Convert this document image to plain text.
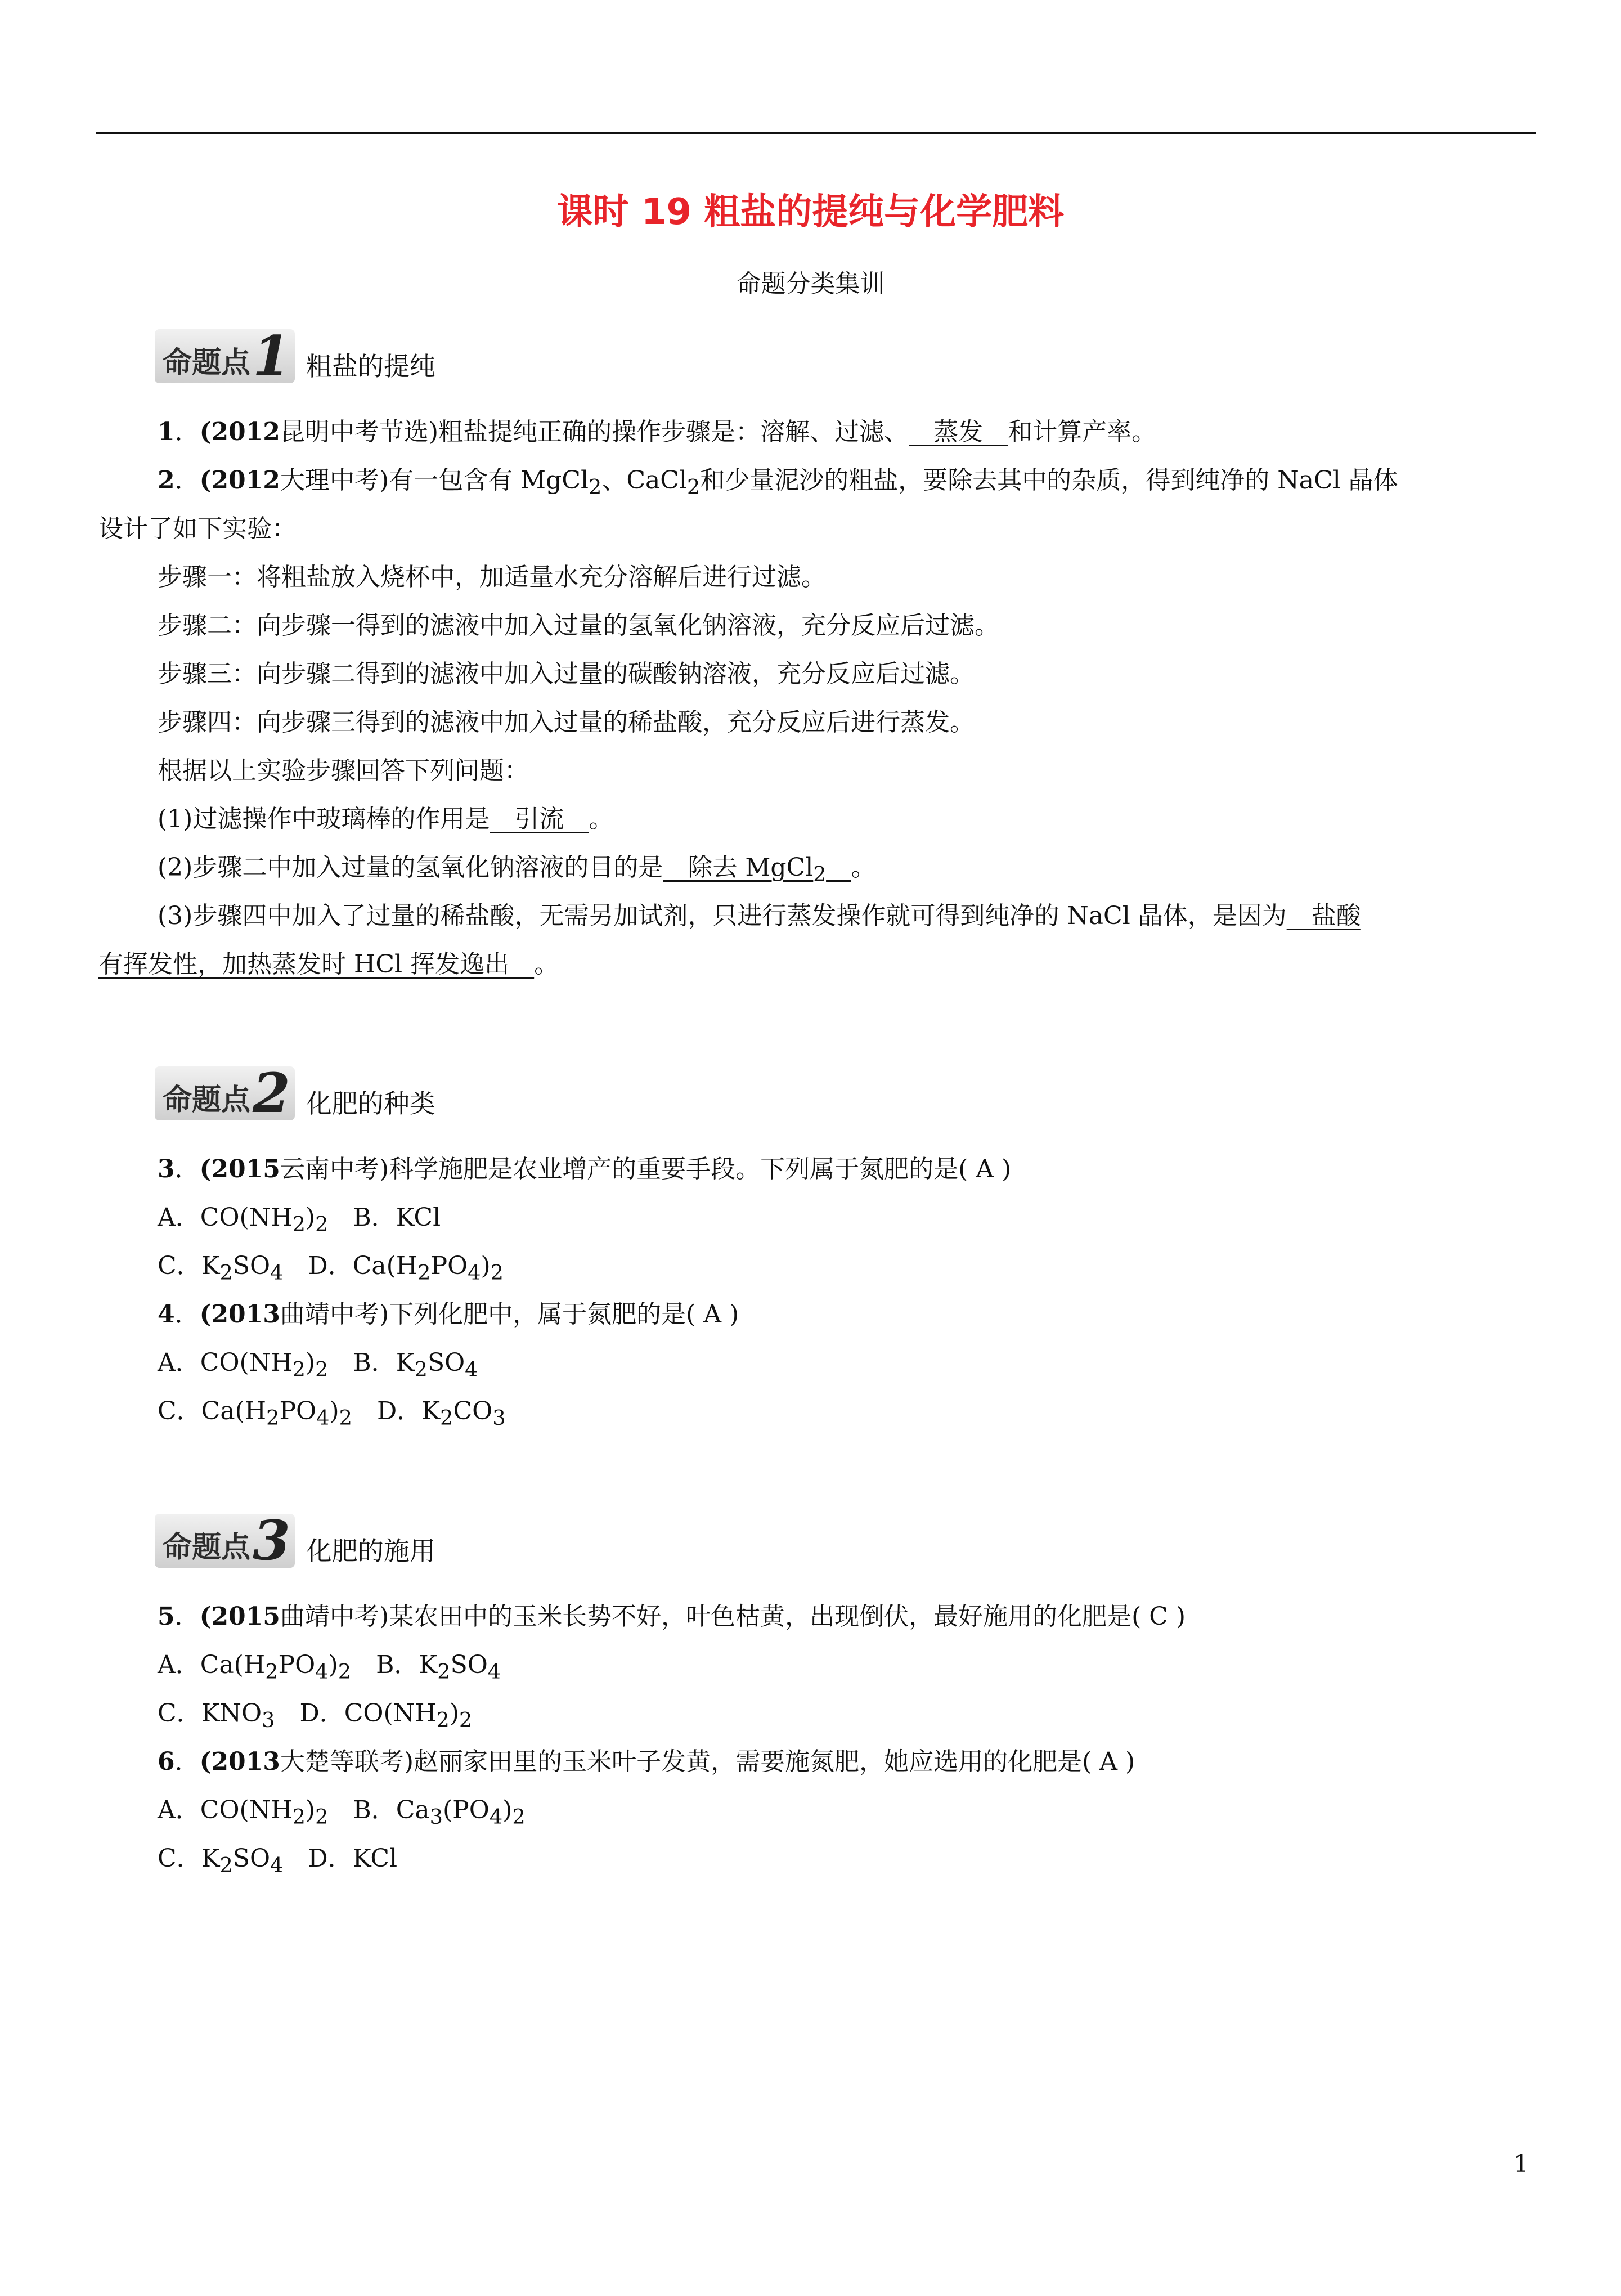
课时 19 粗盐的提纯与化学肥料
命题分类集训
命题点 1 粗盐的提纯
1．(2012昆明中考节选)粗盐提纯正确的操作步骤是：溶解、过滤、__蒸发__和计算产率。
2．(2012大理中考)有一包含有 MgCl$_2$、CaCl$_2$和少量泥沙的粗盐，要除去其中的杂质，得到纯净的 NaCl 晶体
设计了如下实验：
步骤一：将粗盐放入烧杯中，加适量水充分溶解后进行过滤。
步骤二：向步骤一得到的滤液中加入过量的氢氧化钠溶液，充分反应后过滤。
步骤三：向步骤二得到的滤液中加入过量的碳酸钠溶液，充分反应后过滤。
步骤四：向步骤三得到的滤液中加入过量的稀盐酸，充分反应后进行蒸发。
根据以上实验步骤回答下列问题：
(1)过滤操作中玻璃棒的作用是__引流__。
(2)步骤二中加入过量的氢氧化钠溶液的目的是__除去 MgCl$_2$__。
(3)步骤四中加入了过量的稀盐酸，无需另加试剂，只进行蒸发操作就可得到纯净的 NaCl 晶体，是因为__盐酸
有挥发性，加热蒸发时 HCl 挥发逸出__。
命题点 2 化肥的种类
3．(2015云南中考)科学施肥是农业增产的重要手段。下列属于氮肥的是( A )
A．$CO(NH_2)_2$　 B．KCl
C．$K_2SO_4$　 D．$Ca(H_2PO_4)_2$
4．(2013曲靖中考)下列化肥中，属于氮肥的是( A )
A．$CO(NH_2)_2$　 B．$K_2SO_4$
C．$Ca(H_2PO_4)_2$　 D．$K_2CO_3$
命题点 3 化肥的施用
5．(2015曲靖中考)某农田中的玉米长势不好，叶色枯黄，出现倒伏，最好施用的化肥是( C )
A．$Ca(H_2PO_4)_2$　 B．$K_2SO_4$
C．$KNO_3$　 D．$CO(NH_2)_2$
6．(2013大楚等联考)赵丽家田里的玉米叶子发黄，需要施氮肥，她应选用的化肥是( A )
A．$CO(NH_2)_2$　 B．$Ca_3(PO_4)_2$
C．$K_2SO_4$　 D．KCl
1
